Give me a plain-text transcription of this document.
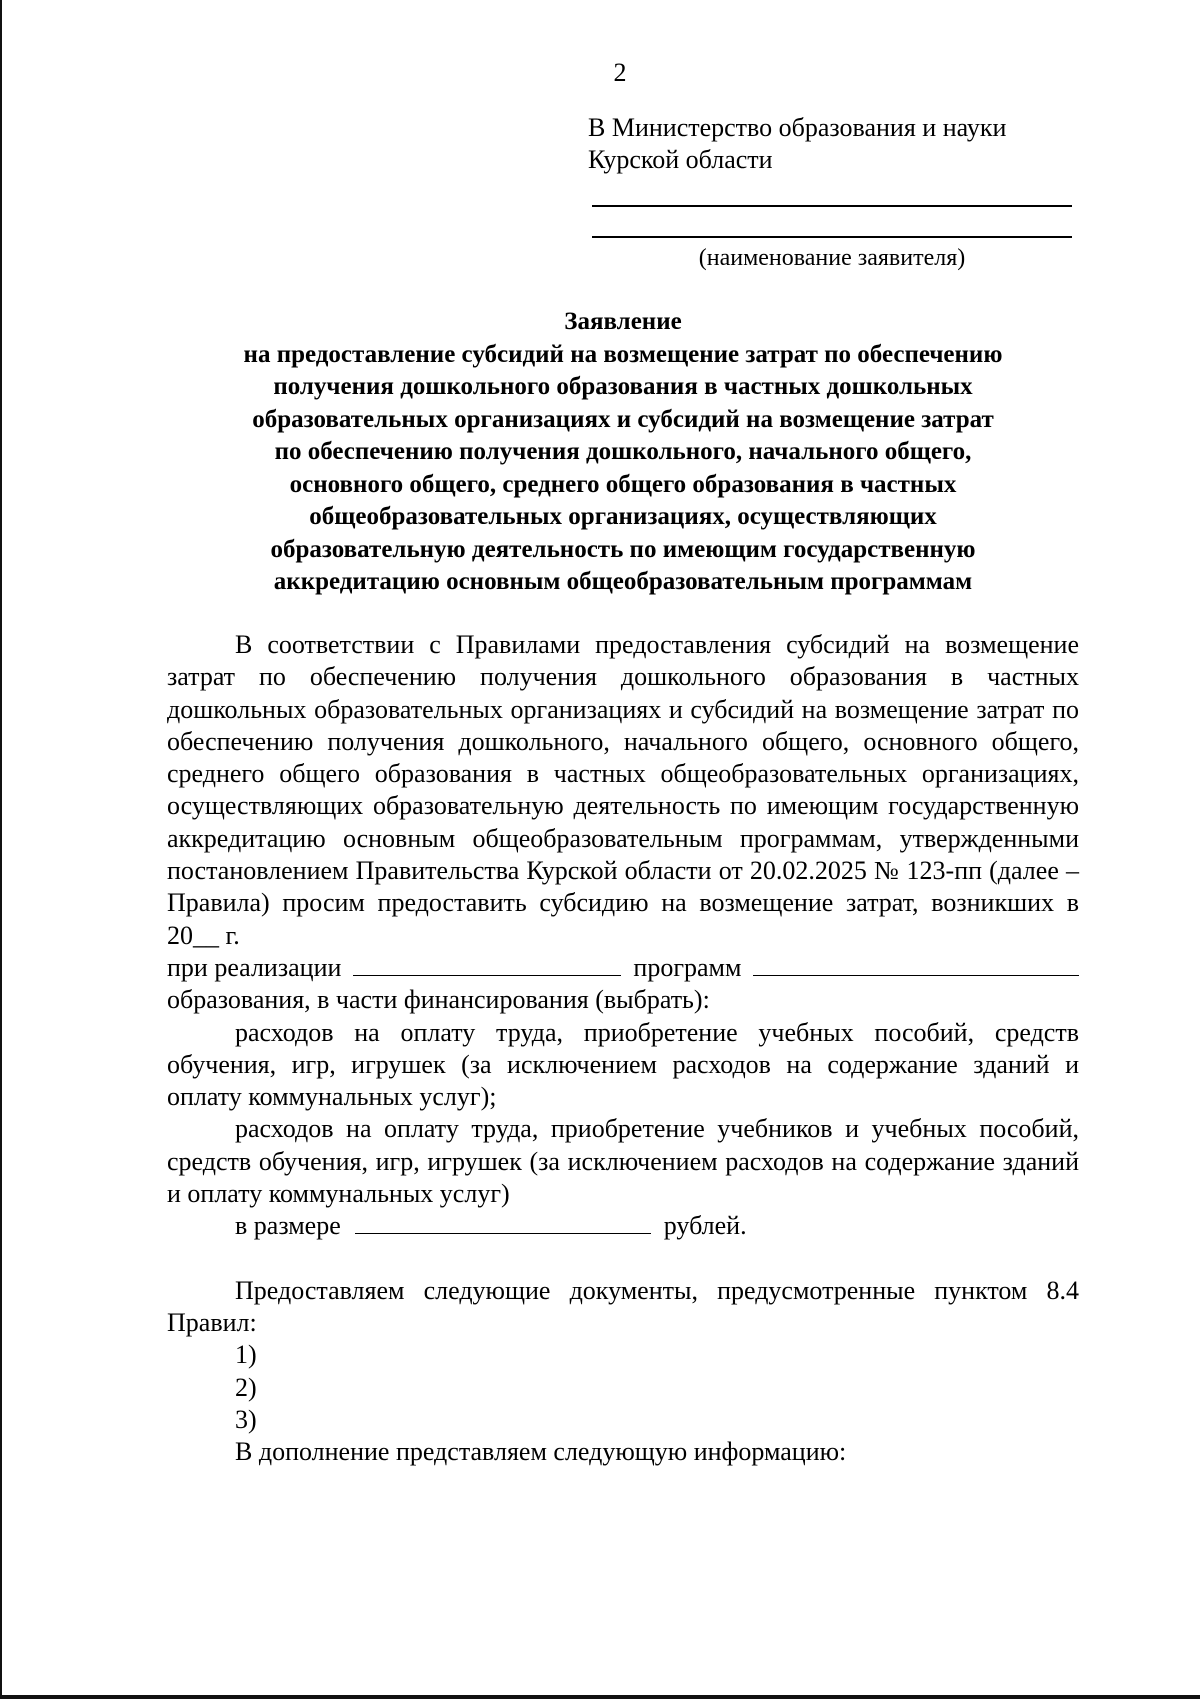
2
В Министерство образования и науки
Курской области
(наименование заявителя)
Заявление
на предоставление субсидий на возмещение затрат по обеспечению
получения дошкольного образования в частных дошкольных
образовательных организациях и субсидий на возмещение затрат
по обеспечению получения дошкольного, начального общего,
основного общего, среднего общего образования в частных
общеобразовательных организациях, осуществляющих
образовательную деятельность по имеющим государственную
аккредитацию основным общеобразовательным программам

В соответствии с Правилами предоставления субсидий на возмещение затрат по обеспечению получения дошкольного образования в частных дошкольных образовательных организациях и субсидий на возмещение затрат по обеспечению получения дошкольного, начального общего, основного общего, среднего общего образования в частных общеобразовательных организациях, осуществляющих образовательную деятельность по имеющим государственную аккредитацию основным общеобразовательным программам, утвержденными постановлением Правительства Курской области от 20.02.2025 № 123-пп (далее – Правила) просим предоставить субсидию на возмещение затрат, возникших в 20__ г.

при реализации	программ
образования, в части финансирования (выбрать):

расходов на оплату труда, приобретение учебных пособий, средств обучения, игр, игрушек (за исключением расходов на содержание зданий и оплату коммунальных услуг);

расходов на оплату труда, приобретение учебников и учебных пособий, средств обучения, игр, игрушек (за исключением расходов на содержание зданий и оплату коммунальных услуг)

в размере	рублей.

Предоставляем следующие документы, предусмотренные пунктом 8.4 Правил:

1)
2)
3)
В дополнение представляем следующую информацию:
